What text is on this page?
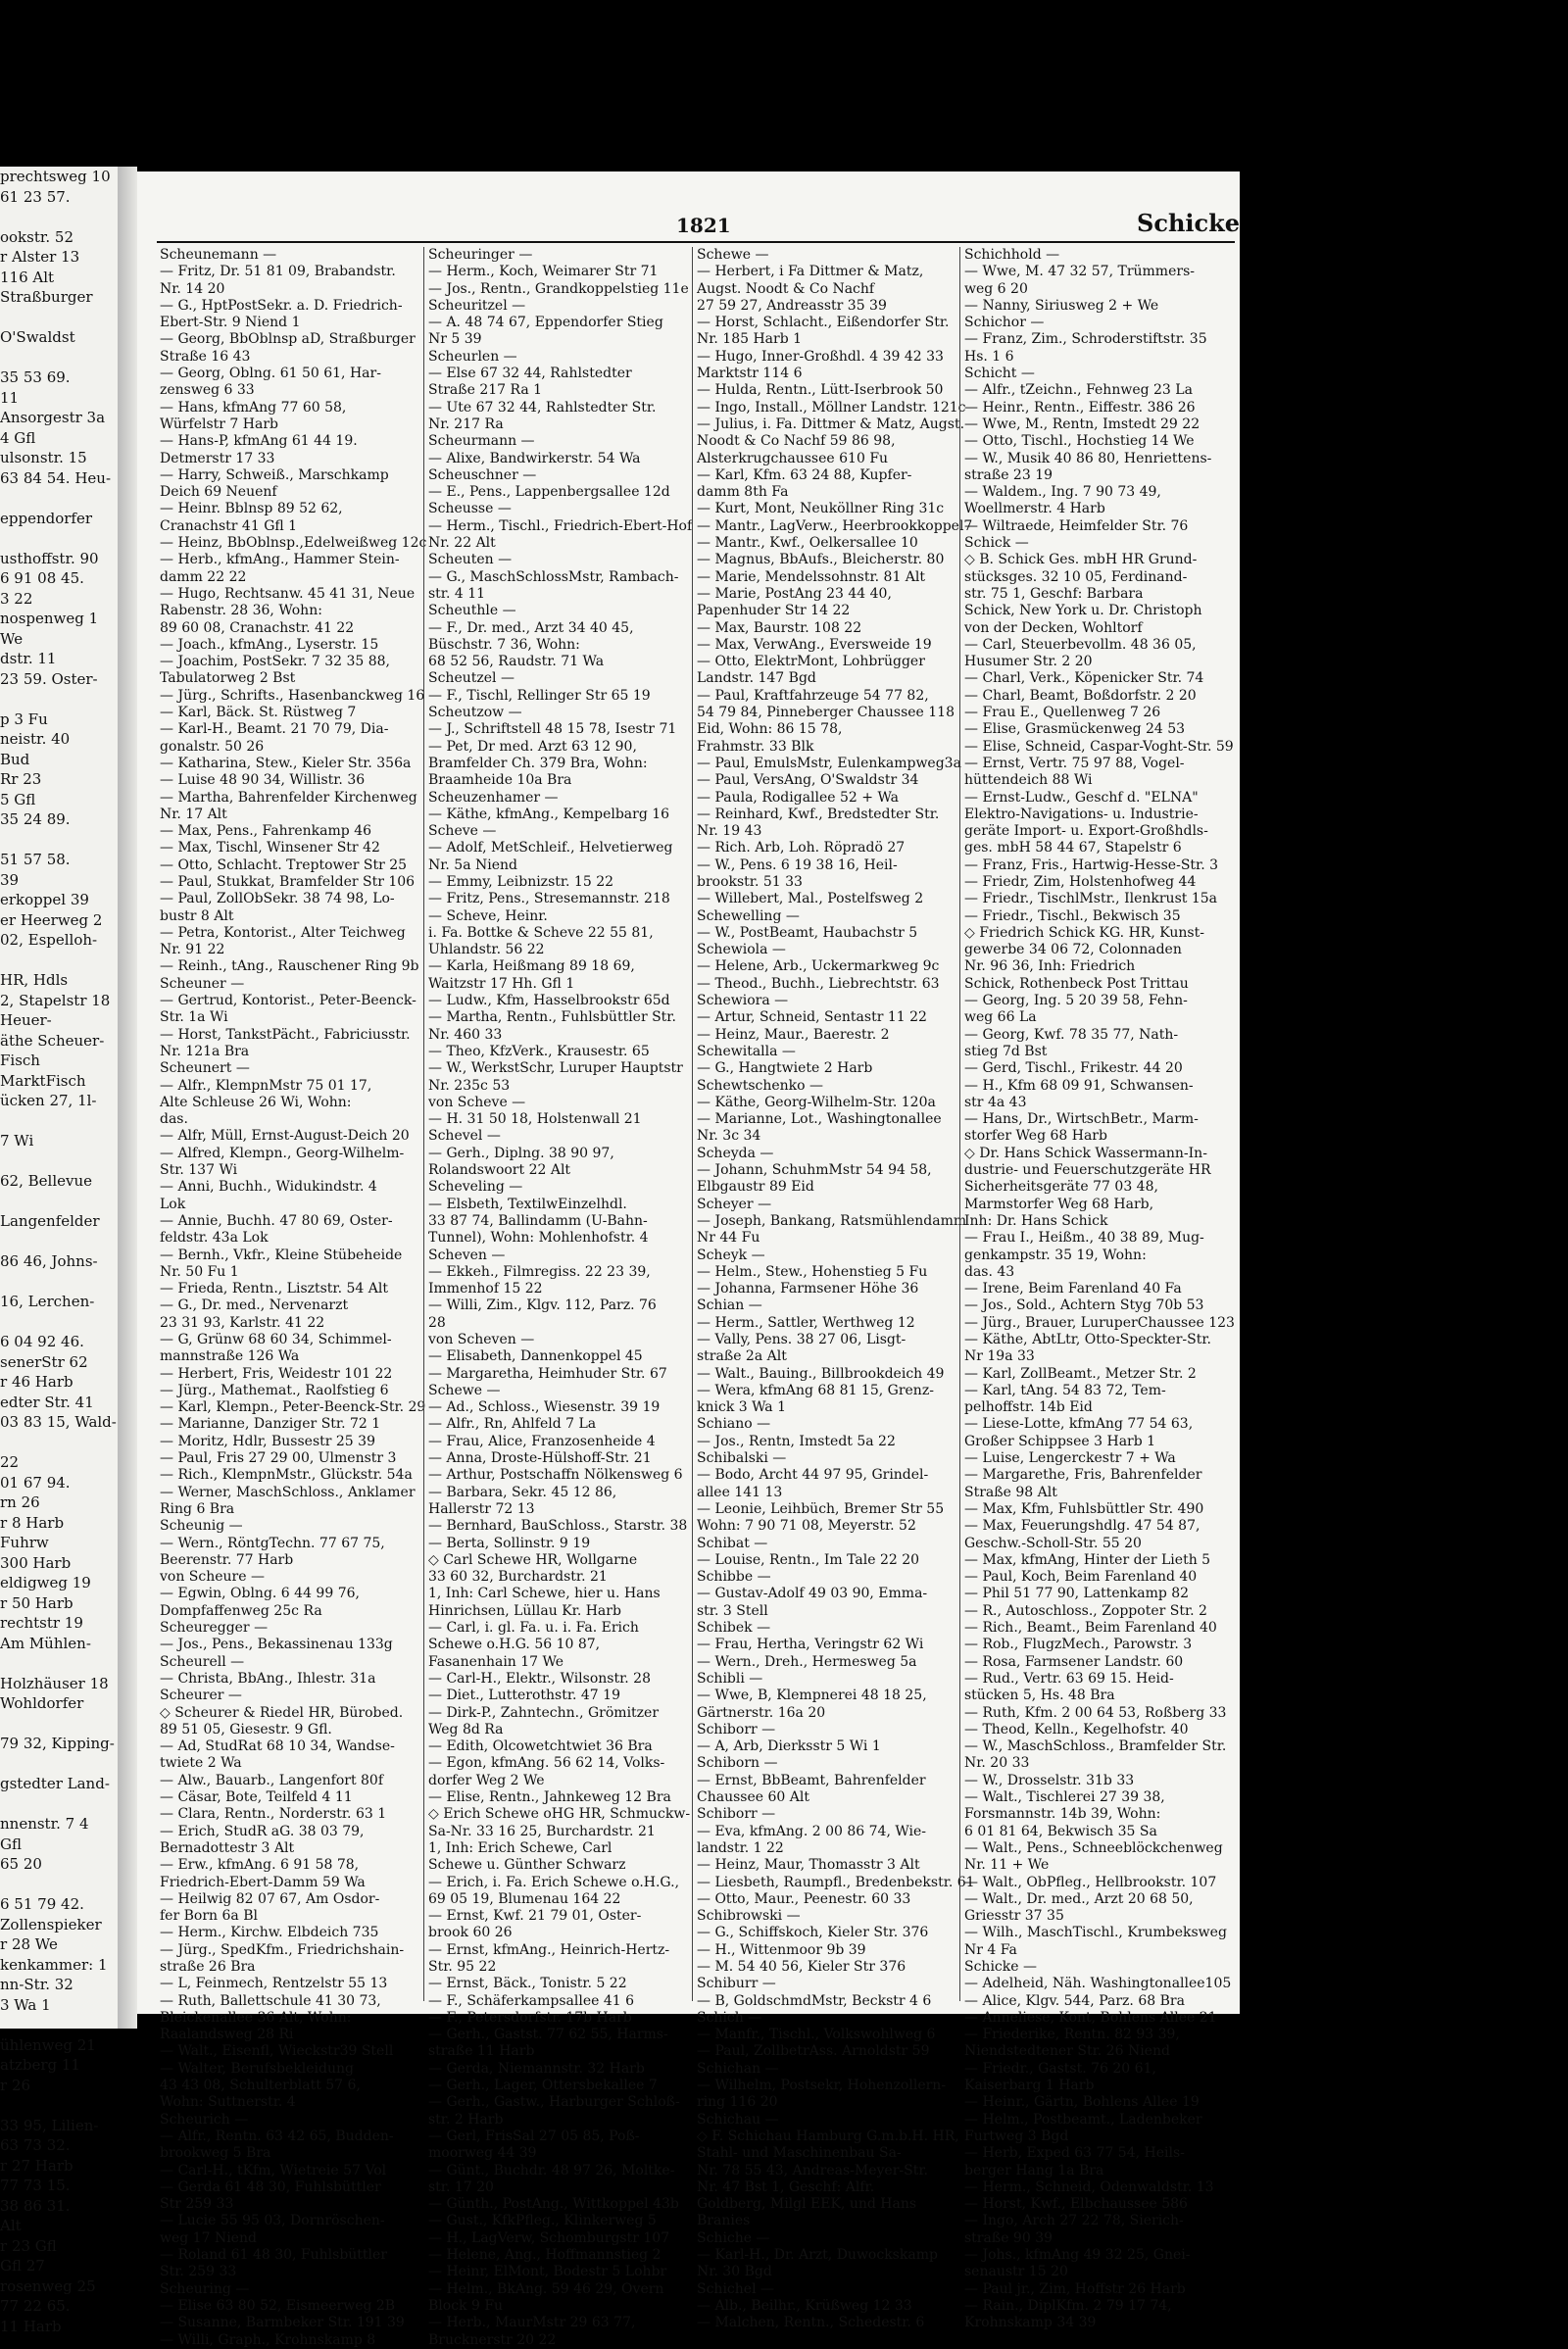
prechtsweg 10
61 23 57.

ookstr. 52
r Alster 13
116 Alt
Straßburger

O'Swaldst

35 53 69.
11
Ansorgestr 3a
4 Gfl
ulsonstr. 15
63 84 54. Heu-

eppendorfer

usthoffstr. 90
6 91 08 45.
3 22
nospenweg 1
We
dstr. 11
23 59. Oster-

p 3 Fu
neistr. 40
Bud
Rr 23
5 Gfl
35 24 89.

51 57 58.
39
erkoppel 39
er Heerweg 2
02, Espelloh-

HR, Hdls
2, Stapelstr 18
Heuer-
äthe Scheuer-
Fisch
MarktFisch
ücken 27, 1l-

7 Wi

62, Bellevue

Langenfelder

86 46, Johns-

16, Lerchen-

6 04 92 46.
senerStr 62
r 46 Harb
edter Str. 41
03 83 15, Wald-

22
01 67 94.
rn 26
r 8 Harb
Fuhrw
300 Harb
eldigweg 19
r 50 Harb
rechtstr 19
Am Mühlen-

Holzhäuser 18
Wohldorfer

79 32, Kipping-

gstedter Land-

nnenstr. 7 4
Gfl
65 20

6 51 79 42.
Zollenspieker
r 28 We
kenkammer: 1
nn-Str. 32
3 Wa 1

ühlenweg 21
atzberg 11
r 26

33 95, Lilien-
63 73 32.
r 27 Harb
77 73 15.
38 86 31.
Alt
r 23 Gfl
Gfl 27
rosenweg 25
77 22 65.
11 Harb
1821	Schicke
Scheunemann —
— Fritz, Dr. 51 81 09, Brabandstr.
Nr. 14 20
— G., HptPostSekr. a. D. Friedrich-
Ebert-Str. 9 Niend 1
— Georg, BbOblnsp aD, Straßburger
Straße 16 43
— Georg, Oblng. 61 50 61, Har-
zensweg 6 33
— Hans, kfmAng 77 60 58,
Würfelstr 7 Harb
— Hans-P, kfmAng 61 44 19.
Detmerstr 17 33
— Harry, Schweiß., Marschkamp
Deich 69 Neuenf
— Heinr. Bblnsp 89 52 62,
Cranachstr 41 Gfl 1
— Heinz, BbOblnsp.,Edelweißweg 12c
— Herb., kfmAng., Hammer Stein-
damm 22 22
— Hugo, Rechtsanw. 45 41 31, Neue
Rabenstr. 28 36, Wohn:
89 60 08, Cranachstr. 41 22
— Joach., kfmAng., Lyserstr. 15
— Joachim, PostSekr. 7 32 35 88,
Tabulatorweg 2 Bst
— Jürg., Schrifts., Hasenbanckweg 16
— Karl, Bäck. St. Rüstweg 7
— Karl-H., Beamt. 21 70 79, Dia-
gonalstr. 50 26
— Katharina, Stew., Kieler Str. 356a
— Luise 48 90 34, Willistr. 36
— Martha, Bahrenfelder Kirchenweg
Nr. 17 Alt
— Max, Pens., Fahrenkamp 46
— Max, Tischl, Winsener Str 42
— Otto, Schlacht. Treptower Str 25
— Paul, Stukkat, Bramfelder Str 106
— Paul, ZollObSekr. 38 74 98, Lo-
bustr 8 Alt
— Petra, Kontorist., Alter Teichweg
Nr. 91 22
— Reinh., tAng., Rauschener Ring 9b
Scheuner —
— Gertrud, Kontorist., Peter-Beenck-
Str. 1a Wi
— Horst, TankstPächt., Fabriciusstr.
Nr. 121a Bra
Scheunert —
— Alfr., KlempnMstr 75 01 17,
Alte Schleuse 26 Wi, Wohn:
das.
— Alfr, Müll, Ernst-August-Deich 20
— Alfred, Klempn., Georg-Wilhelm-
Str. 137 Wi
— Anni, Buchh., Widukindstr. 4
Lok
— Annie, Buchh. 47 80 69, Oster-
feldstr. 43a Lok
— Bernh., Vkfr., Kleine Stübeheide
Nr. 50 Fu 1
— Frieda, Rentn., Lisztstr. 54 Alt
— G., Dr. med., Nervenarzt
23 31 93, Karlstr. 41 22
— G, Grünw 68 60 34, Schimmel-
mannstraße 126 Wa
— Herbert, Fris, Weidestr 101 22
— Jürg., Mathemat., Raolfstieg 6
— Karl, Klempn., Peter-Beenck-Str. 29
— Marianne, Danziger Str. 72 1
— Moritz, Hdlr, Bussestr 25 39
— Paul, Fris 27 29 00, Ulmenstr 3
— Rich., KlempnMstr., Glückstr. 54a
— Werner, MaschSchloss., Anklamer
Ring 6 Bra
Scheunig —
— Wern., RöntgTechn. 77 67 75,
Beerenstr. 77 Harb
von Scheure —
— Egwin, Oblng. 6 44 99 76,
Dompfaffenweg 25c Ra
Scheuregger —
— Jos., Pens., Bekassinenau 133g
Scheurell —
— Christa, BbAng., Ihlestr. 31a
Scheurer —
◇ Scheurer & Riedel HR, Bürobed.
89 51 05, Giesestr. 9 Gfl.
— Ad, StudRat 68 10 34, Wandse-
twiete 2 Wa
— Alw., Bauarb., Langenfort 80f
— Cäsar, Bote, Teilfeld 4 11
— Clara, Rentn., Norderstr. 63 1
— Erich, StudR aG. 38 03 79,
Bernadottestr 3 Alt
— Erw., kfmAng. 6 91 58 78,
Friedrich-Ebert-Damm 59 Wa
— Heilwig 82 07 67, Am Osdor-
fer Born 6a Bl
— Herm., Kirchw. Elbdeich 735
— Jürg., SpedKfm., Friedrichshain-
straße 26 Bra
— L, Feinmech, Rentzelstr 55 13
— Ruth, Ballettschule 41 30 73,
Bleickenallee 36 Alt, Wohn:
Raalandsweg 28 Ri
— Walt., Eisenfl, Wieckstr39 Stell
— Walter, Berufsbekleidung
43 43 08, Schulterblatt 57 6,
Wohn: Suttnerstr. 4
Scheurich —
— Alfr., Rentn. 63 42 65, Budden-
brookweg 5 Bra
— Carl-H., tKfm, Wietreie 57 Vol
— Gerda 61 48 30, Fuhlsbüttler
Str 259 33
— Lucie 55 95 03, Dornröschen-
weg 17 Niend
— Roland 61 48 30, Fuhlsbüttler
Str. 259 33
Scheuring —
— Elise 63 80 52, Eismeerweg 2B
— Susanne, Barmbeker Str. 191 39
— Willi, Graph., Krohnskamp 8
Scheuringer —
— Herm., Koch, Weimarer Str 71
— Jos., Rentn., Grandkoppelstieg 11e
Scheuritzel —
— A. 48 74 67, Eppendorfer Stieg
Nr 5 39
Scheurlen —
— Else 67 32 44, Rahlstedter
Straße 217 Ra 1
— Ute 67 32 44, Rahlstedter Str.
Nr. 217 Ra
Scheurmann —
— Alixe, Bandwirkerstr. 54 Wa
Scheuschner —
— E., Pens., Lappenbergsallee 12d
Scheusse —
— Herm., Tischl., Friedrich-Ebert-Hof
Nr. 22 Alt
Scheuten —
— G., MaschSchlossMstr, Rambach-
str. 4 11
Scheuthle —
— F., Dr. med., Arzt 34 40 45,
Büschstr. 7 36, Wohn:
68 52 56, Raudstr. 71 Wa
Scheutzel —
— F., Tischl, Rellinger Str 65 19
Scheutzow —
— J., Schriftstell 48 15 78, Isestr 71
— Pet, Dr med. Arzt 63 12 90,
Bramfelder Ch. 379 Bra, Wohn:
Braamheide 10a Bra
Scheuzenhamer —
— Käthe, kfmAng., Kempelbarg 16
Scheve —
— Adolf, MetSchleif., Helvetierweg
Nr. 5a Niend
— Emmy, Leibnizstr. 15 22
— Fritz, Pens., Stresemannstr. 218
— Scheve, Heinr.
i. Fa. Bottke & Scheve 22 55 81,
Uhlandstr. 56 22
— Karla, Heißmang 89 18 69,
Waitzstr 17 Hh. Gfl 1
— Ludw., Kfm, Hasselbrookstr 65d
— Martha, Rentn., Fuhlsbüttler Str.
Nr. 460 33
— Theo, KfzVerk., Krausestr. 65
— W., WerkstSchr, Luruper Hauptstr
Nr. 235c 53
von Scheve —
— H. 31 50 18, Holstenwall 21
Schevel —
— Gerh., Diplng. 38 90 97,
Rolandswoort 22 Alt
Scheveling —
— Elsbeth, TextilwEinzelhdl.
33 87 74, Ballindamm (U-Bahn-
Tunnel), Wohn: Mohlenhofstr. 4
Scheven —
— Ekkeh., Filmregiss. 22 23 39,
Immenhof 15 22
— Willi, Zim., Klgv. 112, Parz. 76
28
von Scheven —
— Elisabeth, Dannenkoppel 45
— Margaretha, Heimhuder Str. 67
Schewe —
— Ad., Schloss., Wiesenstr. 39 19
— Alfr., Rn, Ahlfeld 7 La
— Frau, Alice, Franzosenheide 4
— Anna, Droste-Hülshoff-Str. 21
— Arthur, Postschaffn Nölkensweg 6
— Barbara, Sekr. 45 12 86,
Hallerstr 72 13
— Bernhard, BauSchloss., Starstr. 38
— Berta, Sollinstr. 9 19
◇ Carl Schewe HR, Wollgarne
33 60 32, Burchardstr. 21
1, Inh: Carl Schewe, hier u. Hans
Hinrichsen, Lüllau Kr. Harb
— Carl, i. gl. Fa. u. i. Fa. Erich
Schewe o.H.G. 56 10 87,
Fasanenhain 17 We
— Carl-H., Elektr., Wilsonstr. 28
— Diet., Lutterothstr. 47 19
— Dirk-P., Zahntechn., Grömitzer
Weg 8d Ra
— Edith, Olcowetchtwiet 36 Bra
— Egon, kfmAng. 56 62 14, Volks-
dorfer Weg 2 We
— Elise, Rentn., Jahnkeweg 12 Bra
◇ Erich Schewe oHG HR, Schmuckw-
Sa-Nr. 33 16 25, Burchardstr. 21
1, Inh: Erich Schewe, Carl
Schewe u. Günther Schwarz
— Erich, i. Fa. Erich Schewe o.H.G.,
69 05 19, Blumenau 164 22
— Ernst, Kwf. 21 79 01, Oster-
brook 60 26
— Ernst, kfmAng., Heinrich-Hertz-
Str. 95 22
— Ernst, Bäck., Tonistr. 5 22
— F., Schäferkampsallee 41 6
— F., Petersdorfstr. 17b Harb
— Gerh., Gastst. 77 62 55, Harms-
straße 11 Harb
— Gerda, Niemannstr. 32 Harb
— Gerh., Lager, Ottersbekallee 7
— Gerh., Gastw., Harburger Schloß-
str. 2 Harb
— Gerl, FrisSal 27 05 85, Poß-
moorweg 44 39
— Günt., Buchdr. 48 97 26, Moltke-
str. 17 20
— Günth., PostAng., Wittkoppel 43b
— Gust., KfkPfleg., Klinkerweg 5
— H., LagVerw, Schomburgstr 107
— Helene, Ang., Hoffmannstieg 2
— Heinr, ElMont, Bodestr 5 Lohbr
— Helm., BkAng. 59 46 29, Overn
Block 9 Fu
— Herb., MaurMstr 29 63 77,
Brucknerstr 20 22
Schewe —
— Herbert, i Fa Dittmer & Matz,
Augst. Noodt & Co Nachf
27 59 27, Andreasstr 35 39
— Horst, Schlacht., Eißendorfer Str.
Nr. 185 Harb 1
— Hugo, Inner-Großhdl. 4 39 42 33
Marktstr 114 6
— Hulda, Rentn., Lütt-Iserbrook 50
— Ingo, Install., Möllner Landstr. 121c
— Julius, i. Fa. Dittmer & Matz, Augst.
Noodt & Co Nachf 59 86 98,
Alsterkrugchaussee 610 Fu
— Karl, Kfm. 63 24 88, Kupfer-
damm 8th Fa
— Kurt, Mont, Neuköllner Ring 31c
— Mantr., LagVerw., Heerbrookkoppel7
— Mantr., Kwf., Oelkersallee 10
— Magnus, BbAufs., Bleicherstr. 80
— Marie, Mendelssohnstr. 81 Alt
— Marie, PostAng 23 44 40,
Papenhuder Str 14 22
— Max, Baurstr. 108 22
— Max, VerwAng., Eversweide 19
— Otto, ElektrMont, Lohbrügger
Landstr. 147 Bgd
— Paul, Kraftfahrzeuge 54 77 82,
54 79 84, Pinneberger Chaussee 118
Eid, Wohn: 86 15 78,
Frahmstr. 33 Blk
— Paul, EmulsMstr, Eulenkampweg3a
— Paul, VersAng, O'Swaldstr 34
— Paula, Rodigallee 52 + Wa
— Reinhard, Kwf., Bredstedter Str.
Nr. 19 43
— Rich. Arb, Loh. Röpradö 27
— W., Pens. 6 19 38 16, Heil-
brookstr. 51 33
— Willebert, Mal., Postelfsweg 2
Schewelling —
— W., PostBeamt, Haubachstr 5
Schewiola —
— Helene, Arb., Uckermarkweg 9c
— Theod., Buchh., Liebrechtstr. 63
Schewiora —
— Artur, Schneid, Sentastr 11 22
— Heinz, Maur., Baerestr. 2
Schewitalla —
— G., Hangtwiete 2 Harb
Schewtschenko —
— Käthe, Georg-Wilhelm-Str. 120a
— Marianne, Lot., Washingtonallee
Nr. 3c 34
Scheyda —
— Johann, SchuhmMstr 54 94 58,
Elbgaustr 89 Eid
Scheyer —
— Joseph, Bankang, Ratsmühlendamm
Nr 44 Fu
Scheyk —
— Helm., Stew., Hohenstieg 5 Fu
— Johanna, Farmsener Höhe 36
Schian —
— Herm., Sattler, Werthweg 12
— Vally, Pens. 38 27 06, Lisgt-
straße 2a Alt
— Walt., Bauing., Billbrookdeich 49
— Wera, kfmAng 68 81 15, Grenz-
knick 3 Wa 1
Schiano —
— Jos., Rentn, Imstedt 5a 22
Schibalski —
— Bodo, Archt 44 97 95, Grindel-
allee 141 13
— Leonie, Leihbüch, Bremer Str 55
Wohn: 7 90 71 08, Meyerstr. 52
Schibat —
— Louise, Rentn., Im Tale 22 20
Schibbe —
— Gustav-Adolf 49 03 90, Emma-
str. 3 Stell
Schibek —
— Frau, Hertha, Veringstr 62 Wi
— Wern., Dreh., Hermesweg 5a
Schibli —
— Wwe, B, Klempnerei 48 18 25,
Gärtnerstr. 16a 20
Schiborr —
— A, Arb, Dierksstr 5 Wi 1
Schiborn —
— Ernst, BbBeamt, Bahrenfelder
Chaussee 60 Alt
Schiborr —
— Eva, kfmAng. 2 00 86 74, Wie-
landstr. 1 22
— Heinz, Maur, Thomasstr 3 Alt
— Liesbeth, Raumpfl., Bredenbekstr. 61
— Otto, Maur., Peenestr. 60 33
Schibrowski —
— G., Schiffskoch, Kieler Str. 376
— H., Wittenmoor 9b 39
— M. 54 40 56, Kieler Str 376
Schiburr —
— B, GoldschmdMstr, Beckstr 4 6
Schich —
— Manfr., Tischl., Volkswohlweg 6
— Paul, ZollbetrAss. Arnoldstr 59
Schichan —
— Wilhelm, Postsekr, Hohenzollern-
ring 116 20
Schichau —
◇ F. Schichau Hamburg G.m.b.H. HR,
Stahl- und Maschinenbau Sa-
Nr. 78 55 43, Andreas-Meyer-Str.
Nr. 47 Bst 1, Geschf: Alfr.
Goldberg, Milgl EEK, und Hans
Branies
Schiche —
— Karl-H., Dr. Arzt, Duwockskamp
Nr. 30 Bgd
Schichel —
— Alb., Beilhr., Krüßweg 12 33
— Malchen, Rentn., Schedestr. 6
Schichhold —
— Wwe, M. 47 32 57, Trümmers-
weg 6 20
— Nanny, Siriusweg 2 + We
Schichor —
— Franz, Zim., Schroderstiftstr. 35
Hs. 1 6
Schicht —
— Alfr., tZeichn., Fehnweg 23 La
— Heinr., Rentn., Eiffestr. 386 26
— Wwe, M., Rentn, Imstedt 29 22
— Otto, Tischl., Hochstieg 14 We
— W., Musik 40 86 80, Henriettens-
straße 23 19
— Waldem., Ing. 7 90 73 49,
Woellmerstr. 4 Harb
— Wiltraede, Heimfelder Str. 76
Schick —
◇ B. Schick Ges. mbH HR Grund-
stücksges. 32 10 05, Ferdinand-
str. 75 1, Geschf: Barbara
Schick, New York u. Dr. Christoph
von der Decken, Wohltorf
— Carl, Steuerbevollm. 48 36 05,
Husumer Str. 2 20
— Charl, Verk., Köpenicker Str. 74
— Charl, Beamt, Boßdorfstr. 2 20
— Frau E., Quellenweg 7 26
— Elise, Grasmückenweg 24 53
— Elise, Schneid, Caspar-Voght-Str. 59
— Ernst, Vertr. 75 97 88, Vogel-
hüttendeich 88 Wi
— Ernst-Ludw., Geschf d. "ELNA"
Elektro-Navigations- u. Industrie-
geräte Import- u. Export-Großhdls-
ges. mbH 58 44 67, Stapelstr 6
— Franz, Fris., Hartwig-Hesse-Str. 3
— Friedr, Zim, Holstenhofweg 44
— Friedr., TischlMstr., Ilenkrust 15a
— Friedr., Tischl., Bekwisch 35
◇ Friedrich Schick KG. HR, Kunst-
gewerbe 34 06 72, Colonnaden
Nr. 96 36, Inh: Friedrich
Schick, Rothenbeck Post Trittau
— Georg, Ing. 5 20 39 58, Fehn-
weg 66 La
— Georg, Kwf. 78 35 77, Nath-
stieg 7d Bst
— Gerd, Tischl., Frikestr. 44 20
— H., Kfm 68 09 91, Schwansen-
str 4a 43
— Hans, Dr., WirtschBetr., Marm-
storfer Weg 68 Harb
◇ Dr. Hans Schick Wassermann-In-
dustrie- und Feuerschutzgeräte HR
Sicherheitsgeräte 77 03 48,
Marmstorfer Weg 68 Harb,
Inh: Dr. Hans Schick
— Frau I., Heißm., 40 38 89, Mug-
genkampstr. 35 19, Wohn:
das. 43
— Irene, Beim Farenland 40 Fa
— Jos., Sold., Achtern Styg 70b 53
— Jürg., Brauer, LuruperChaussee 123
— Käthe, AbtLtr, Otto-Speckter-Str.
Nr 19a 33
— Karl, ZollBeamt., Metzer Str. 2
— Karl, tAng. 54 83 72, Tem-
pelhoffstr. 14b Eid
— Liese-Lotte, kfmAng 77 54 63,
Großer Schippsee 3 Harb 1
— Luise, Lengerckestr 7 + Wa
— Margarethe, Fris, Bahrenfelder
Straße 98 Alt
— Max, Kfm, Fuhlsbüttler Str. 490
— Max, Feuerungshdlg. 47 54 87,
Geschw.-Scholl-Str. 55 20
— Max, kfmAng, Hinter der Lieth 5
— Paul, Koch, Beim Farenland 40
— Phil 51 77 90, Lattenkamp 82
— R., Autoschloss., Zoppoter Str. 2
— Rich., Beamt., Beim Farenland 40
— Rob., FlugzMech., Parowstr. 3
— Rosa, Farmsener Landstr. 60
— Rud., Vertr. 63 69 15. Heid-
stücken 5, Hs. 48 Bra
— Ruth, Kfm. 2 00 64 53, Roßberg 33
— Theod, Kelln., Kegelhofstr. 40
— W., MaschSchloss., Bramfelder Str.
Nr. 20 33
— W., Drosselstr. 31b 33
— Walt., Tischlerei 27 39 38,
Forsmannstr. 14b 39, Wohn:
6 01 81 64, Bekwisch 35 Sa
— Walt., Pens., Schneeblöckchenweg
Nr. 11 + We
— Walt., ObPfleg., Hellbrookstr. 107
— Walt., Dr. med., Arzt 20 68 50,
Griesstr 37 35
— Wilh., MaschTischl., Krumbeksweg
Nr 4 Fa
Schicke —
— Adelheid, Näh. Washingtonallee105
— Alice, Klgv. 544, Parz. 68 Bra
— Anneliese, Kont, Bohlens Allee 21
— Friederike, Rentn. 82 93 39,
Niendstedtener Str. 26 Niend
— Friedr., Gastst. 76 20 61,
Kaiserbarg 1 Harb
— Heinr., Gärtn, Bohlens Allee 19
— Helm., Postbeamt., Ladenbeker
Furtweg 3 Bgd
— Herb, Exped 63 77 54, Heils-
berger Hang 1a Bra
— Herm., Schneid, Odenwaldstr. 13
— Horst, Kwf., Elbchaussee 586
— Ingo, Arch 27 22 78, Sierich-
straße 90 39
— Johs., kfmAng 49 32 25, Gnei-
senaustr 15 20
— Paul jr., Zim, Hoffstr 26 Harb
— Rain., DiplKfm. 2 79 17 74,
Krohnskamp 34 39
